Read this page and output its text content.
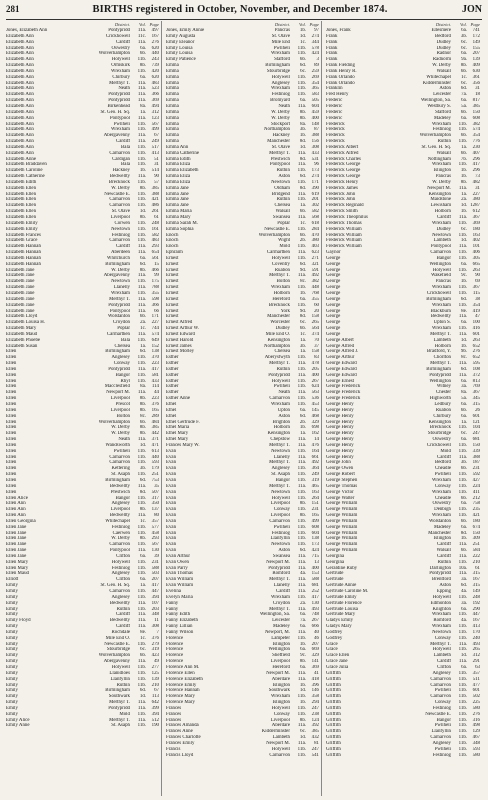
281	BIRTHS registered in October, November, and December 1874.	JON
District.	Vol. Page
Jones, Elizabeth Ann	Pontypridd	11a.	497
Elizabeth Ann	Crickhowell	11c.	167
Elizabeth Ann	Cardiff	11a.	276
Elizabeth Ann	Oswestry	6a.	620
Elizabeth Ann	Wolverhampton	6b.	440
Elizabeth Ann	Holywell	11b.	243
Elizabeth Ann	Ormskirk	8b.	739
Elizabeth Ann	Wrexham	11b.	420
Elizabeth Ann	Chirbury	6a.	620
Elizabeth Ann	Merthyr T.	11a.	483
Elizabeth Ann	Neath	11a.	523
Elizabeth Ann	Pontypridd	11a.	366
Elizabeth Ann	Pontypridd	11a.	369
Elizabeth Ann	Birkenhead	8a.	494
Elizabeth Ann	St. Geo. H. Sq.	1a.	312
Elizabeth Ann	Pontypool	11a.	123
Elizabeth Ann	Pwllheli	11b.	567
Elizabeth Ann	Wrexham	11b.	499
Elizabeth Ann	Abergavenny	11a.	67
Elizabeth Ann	Cardiff	11a.	249
Elizabeth Ann	Bala	11b.	517
Elizabeth Ann	Carnarvon	11b.	413
Elizabeth Anne	Cardigan	11b.	51
Elizabeth Braddaven	Bala	11b.	31
Elizabeth Caroline	Hackney	1b.	514
Elizabeth Catherine	Bedwellty	11a.	90
Elizabeth Edith	Brecknock	11b.	57
Elizabeth Ellen	W. Derby	8b.	385
Elizabeth Ellen	Newcastle E.	11b.	388
Elizabeth Ellen	Carnarvon	11b.	421
Elizabeth Ellen	Carnarvon	11b.	486
Elizabeth Ellen	St. Olave	1d.	261
Elizabeth Ellen	Liverpool	8b.	61
Elizabeth Emily	Corwen	11b.	248
Elizabeth Emily	Newtown	11b.	161
Elizabeth Frances	Festiniog	11b.	582
Elizabeth Grace	Carnarvon	11b.	483
Elizabeth Hannah	Cardiff	11a.	293
Elizabeth Hannah	Aberdeen	11a.	654
Elizabeth Hannah	Whitchurch	6a.	561
Elizabeth Hannah	Birmingham	6d.	15
Elizabeth Jane	W. Derby	8b.	466
Elizabeth Jane	Abergavenny	11a.	99
Elizabeth Jane	Newtown	11b.	175
Elizabeth Jane	Llanelly	11a.	788
Elizabeth Jane	Wrexham	11b.	355
Elizabeth Jane	Merthyr T.	11a.	598
Elizabeth Jane	Pontypridd	11a.	366
Elizabeth Jane	Pontypool	11a.	66
Elizabeth Lloyd	Wolstanton	6b.	171
Elizabeth Louisa H.	Croydon	2a.	227
Elizabeth Mary	Poplar	1c.	744
Elizabeth Maud	Carmarthen	11a.	574
Elizabeth Phoebe	Bala	11b.	649
Elizabeth Susan	Chelsea	1a.	152
Ellen	Birmingham	6d.	138
Ellen	Anglesey	11b.	370
Ellen	Conway	11b.	223
Ellen	Pontypridd	11a.	417
Ellen	Bangor	11b.	581
Ellen	Rhyl	11b.	433
Ellen	Macclesfield	8a.	114
Ellen	Newport M.	11a.	44
Ellen	Liverpool	8b.	223
Ellen	Prescot	8b.	376
Ellen	Liverpool	8b.	165
Ellen	Bolton	8c.	289
Ellen	Wolverhampton	6b.	484
Ellen	W. Derby	8b.	385
Ellen	W. Derby	8b.	442
Ellen	Neath	11a.	371
Ellen	Wandsworth	1d.	471
Ellen	Pwllheli	11b.	613
Ellen	Carnarvon	11b.	440
Ellen	Carnarvon	11b.	593
Ellen	Kettering	3b.	179
Ellen	St. Asaph	11b.	251
Ellen	Birmingham	6d.	753
Ellen	Bedwellty	11a.	35
Ellen	Prestwich	8d.	507
Ellen Alice	Bangor	11b.	317
Ellen Ann	Anglesey	11b.	350
Ellen Ann	Liverpool	8b.	137
Ellen Ann	Bedwellty	11a.	80
Ellen Georgina	Whitechapel	1c.	357
Ellen Jane	Festiniog	11b.	577
Ellen Jane	Caerwen	11b.	458
Ellen Jane	W. Derby	8b.	293
Ellen Jane	Carnarvon	11b.	567
Ellen Jane	Pontypool	11a.	130
Ellen Jane	Clifton	6a.	39
Ellen Mary	Holywell	11b.	231
Ellen Mary	Festiniog	11b.	588
Ellen Maud	Anglesey	11b.	503
Elliott	Clifton	6a.	207
Emily	St. Geo. H. Sq.	1a.	417
Emily	Carnarvon	11b.	447
Emily	Anglesey	11b.	394
Emily	Bedwellty	11a.	107
Emily	Ruthin	11b.	203
Emily	Cardiff	11a.	348
Emily Floyd	Bedwellty	11a.	11
Emily	Cardiff	11a.	308
Emily	Rochdale	8e.	7
Emily	Mile End O.	1c.	376
Emily	Newcastle E.	11b.	279
Emily	Stourbridge	6c.	319
Emily	Wolverhampton	6b.	423
Emily	Abergavenny	11a.	49
Emily	Holywell	11b.	277
Emily	Llanidloes	11b.	125
Emily	Llanfyllin	11b.	139
Emily	Ruthin	11b.	210
Emily	Birmingham	6d.	67
Emily	Southwark	1d.	113
Emily	Merthyr T.	11a.	642
Emily	Pontypridd	11a.	399
Emily	Mold	11b.	394
Emily Alice	Merthyr T.	11a.	512
Emily Anne	St. Asaph	11b.	190
District.	Vol. Page
Jones, Emily Annie	Pancras	1b.	97
Emily Augusta	St. Olave	1d.	274
Emily Eleanor	Mile End	1c.	344
Emily Louisa	Pwllheli	11b.	578
Emily Louisa	Wrexham	11b.	424
Emily Patience	Stafford	6b.	3
Emma	Birmingham	6d.	89
Emma	Stourbridge	6c.	259
Emma	Holywell	11b.	269
Emma	Anglesey	11b.	354
Emma	Wrexham	11b.	365
Emma	Festiniog	11b.	583
Emma	Bromyard	6a.	505
Emma	Neath	11a.	604
Emma	W. Derby	8b.	459
Emma	W. Derby	8b.	400
Emma	Stockport	8a.	148
Emma	Northampton	3b.	87
Emma	Hackney	1b.	388
Emma	Manchester	8d.	156
Emma Ann	St. Olave	1d.	308
Emma Catherine	Merthyr T.	11a.	433
Emma Edith	Prestwich	8d.	531
Emma Eliza	Pontypool	11a.	96
Emma Elizabeth	Ruthin	11b.	173
Emma Eliza	Aston	6d.	274
Emma Eliza	Newtown	11b.	171
Emma Jane	Oldham	8d.	390
Emma Jane	Bridgend	11a.	619
Emma Jane	Ruthin	11b.	201
Emma Jane	Chelsea	1a.	302
Emma Maria	Walsall	6b.	582
Emma Mary	Swansea	11a.	568
Emma Sarah M.	Poplar	1c.	618
Emma Sophia	Newcastle E.	11b.	284
Enoch	Wolverhampton	6b.	470
Enoch	Wight	2b.	380
Enoch	Mold	11b.	403
Ephraim	Carmarthen	11a.	623
Ernest	Holywell	11b.	271
Ernest	Coventry	6d.	321
Ernest	Ruabon	9d.	591
Ernest	Merthyr T.	11a.	492
Ernest	Bolton	8c.	382
Ernest	Wrexham	11b.	448
Ernest	Holborn	1b.	768
Ernest	Hereford	6a.	355
Ernest	Brecknock	11b.	60
Ernest	York	9d.	20
Ernest	Manchester	8d.	158
Ernest Alfred	Worcester	6c.	265
Ernest Arthur W.	Dudley	6b.	564
Ernest Edward	Mile End O.	1c.	374
Ernest Harold	Kensington	1a.	70
Ernest James	Northampton	3b.	37
Ernest Morley	Chelsea	1a.	158
Esther	Aberystwyth	11b.	83
Esther	Merthyr T.	11a.	478
Esther	Ruthin	11b.	205
Esther	Pontypridd	11a.	400
Esther	Holywell	11b.	267
Esther	Pwllheli	11b.	624
Esther	Neath	11a.	563
Esther Anne	Carnarvon	11b.	536
Ethel	Wrexham	11b.	453
Ethel	Upton	6a.	145
Ethel	Aston	6d.	468
Ethel Gertrude F.	Brighton	2b.	329
Ethel Maria	Holborn	1b.	698
Ethel Mary	Kensington	1a.	162
Ethel Mary	Chepstow	11a.	14
Frances Mary W.	Merthyr T.	11a.	476
Evan	Newtown	11b.	164
Evan	Llanelly	11a.	661
Evan	Merthyr T.	11a.	492
Evan	Anglesey	11b.	364
Evan	St. Asaph	11b.	249
Evan	Bangor	11b.	319
Evan	Merthyr T.	11a.	465
Evan	Newtown	11b.	163
Evan	Holywell	11b.	264
Evan	Liverpool	8b.	151
Evan	Conway	11b.	231
Evan	Liverpool	8b.	165
Evan	Carnarvon	11b.	499
Evan	Pwllheli	11b.	608
Evan	Festiniog	11b.	604
Evan	Llanfyllin	11b.	138
Evan	Newtown	11b.	173
Evan	Aston	6d.	424
Evan Arthur	Swansea	11a.	715
Evan Owen	Newport M.	11a.	13
Evan Parry	Pontypridd	11a.	400
Evan Thomas	Romford	4a.	153
Evan William	Merthyr T.	11a.	588
Evan William	Llanelly	11a.	681
Evelina	Cardiff	11a.	252
Evelyn Maria	Wrexham	11b.	417
Fanny	Croydon	2a.	130
Fanny	Merthyr T.	11a.	493
Fanny Edith	Wellington, Sa.	6a.	748
Fanny Elizabeth	Leicester	7a.	267
Fanny Lillian	Madeley	6a.	666
Fanny Wilson	Newport, M.	11a.	40
Florence	Lampeter	11b.	46
Florence	Islington	1b.	207
Florence	Wellington	6a.	669
Florence	Sheffield	9c.	329
Florence	Liverpool	8b.	141
Florence Ann M.	Hereford	6a.	369
Florence Ellen	Newport M.	11a.	41
Florence Elizabeth	Aberdare	11a.	418
Florence Emily	Islington	1b.	396
Florence Hannah	Southwark	1d.	146
Florence Mary	Wrexham	11b.	358
Florence Mary	Islington	1b.	294
Frances	Holywell	11b.	247
Frances	Conway	11b.	238
Frances	Liverpool	8b.	124
Frances Amanda	Aberdare	11a.	392
Frances Anne	Kidderminster	6c.	385
Frances Charlotte	Lambeth	1d.	432
Frances Emily	Newport M.	11a.	81
Francis	Holywell	11b.	247
Francis Lloyd	Carnarvon	11b.	541
District.	Vol. Page
Jones, Frank	Ellesmere	6a.	741
Frank	Bedford	3b.	172
Frank	Dudley	6c.	149
Frank	Dudley	6c.	155
Frank	Radnor	6a.	207
Frank	Radnorm	9a.	139
Frank Fielding	W. Derby	8b.	409
Frank Henry R.	Walsall	6b.	630
Frank Orlando	Whitechapel	1c.	361
Frank Orlando	Kidderminster	6c.	356
Franklin	Aston	6d.	31
Fred Henry	Leicester	7a.	18
Frederic	Wellington, Sa.	6a.	817
Frederic	Westbury S.	5a.	385
Frederic	Stafford	6b.	150
Frederic	Madeley	6a.	608
Frederick	Wrexham	11b.	382
Frederick	Festiniog	11b.	574
Frederick	Wolverhampton	6b.	354
Frederick	Ruthin	11b.	776
Frederick Albert	St. Geo. H. Sq.	1a.	230
Frederick Alfred	Walsall	6b.	407
Frederick Charles	Nottingham	7b.	296
Frederick George	Wrexham	11b.	417
Frederick George	Islington	1b.	296
Frederick George	Pancras	1b.	73
Frederick Henry	W. Derby	8b.	482
Frederick James	Newport M.	11a.	31
Frederick John	Kensington	1a.	227
Frederick John	Maidstone	2a.	380
Frederick Reginald	Lewisham	1d. 1287
Frederick Smith	Holborn	1b.	612
Frederick Theophilus	Cardiff	11a.	367
Frederick Thomas	Wrexham	11b.	369
Frederick William	Dudley	6c.	180
Frederick William	Newtown	11b.	163
Frederick William	Lambeth	1d.	402
Frederick William	Pontypool	11a.	101
Gaynor	Carnarvon	11b.	406
George	Bangor	11b.	305
George	Wellington	6a.	665
George	Holywell	11b.	263
George	Wakefield	9c.	90
George	Pancras	1b.	69
George	Wrexham	11b.	367
George	Crickhowell	11b.	115
George	Birmingham	6d.	38
George	Wrexham	11b.	354
George	Blackburn	8e.	419
George	Bedwellty	11a.	47
George	Upton S.	6a.	100
George	Wrexham	11b.	416
George	Merthyr T.	11a.	601
George Albert	Lambeth	1d.	263
George Alfred	Holborn	1b.	652
George Alfred J.	Bradford, Y.	9b.	276
George Arthur	Chorlton	8c.	652
George Edward	Merthyr T.	11a.	595
George Edward	Birmingham	6d.	108
George Edward	Pontypridd	11a.	372
George Ernest	Wellington	6a.	813
George Frederick	Witney	3a.	769
George Frederick	Chester	8a.	367
George Frederick	Highworth	5a.	345
George Henry	Ledbury	6a.	315
George Henry	Ruabon	6b.	26
George Henry	Chirbury	6a.	601
George Henry	Kensington	1a.	121
George Henry	Brecknock	11b.	104
George Henry	Stourbridge	6c.	247
George Henry	Oswestry	6a.	681
George Henry	Crickhowell	11b.	150
George Henry	Mold	11b.	339
George Henry	Cardiff	11a.	388
George John	Bedford	3b.	187
George Owen	Cheadle	6b.	231
George Robert	Pwllheli	11b.	592
George Stephen	Wrexham	11b.	427
George Thomas	Conway	11b.	224
George Victor	Wrexham	11b.	411
George Walter	Cheadle	6b.	212
George William	Oswestry	6a.	758
George William	Denbigh	11b.	235
George William	Wrexham	11b.	421
George William	Wolstanton	6b.	180
George William	Madeley	6a.	674
George William	Manchester	8d.	150
George William	Islington	1b.	309
George William	Cardiff	11a.	251
George William	Walsall	6b.	584
Georgina	Cardiff	11a.	222
Georgina	Ruthin	11b.	210
Geraldine Ruby	Darlington	10a.	61
Gertrude	Pontypridd	11a.	315
Gertrude	Brentford	3a.	167
Gertrude Annie	Aston	6d.	315
Gertrude Caroline M.	Epping	4a.	149
Gertrude Emily	Holywell	11b.	248
Gertrude Florence	Edmonton	3a.	192
Gertrude Louisa	Knighton	6a.	290
Gertrude Mary	Wrexham	11b.	447
Gladys Emily	Romford	4a.	167
Gladys Mary	Wrexham	11b.	413
Godfrey	Newtown	11b.	170
Godfrey	Conway	11b.	240
Grace	Merthyr T.	11a.	493
Grace	Holywell	11b.	265
Grace Ellen	Lambeth	1d.	312
Grace Jane	Cardiff	11a.	291
Grace Julia	Clifton	6a.	63
Griffith	Anglesey	11b.	357
Griffith	Carnarvon	11b.	511
Griffith	Carnarvon	11b.	477
Griffith	Pwllheli	11b.	601
Griffith	Carnarvon	11b.	502
Griffith	Conway	11b.	225
Griffith	Festiniog	11b.	580
Griffith	Newcastle E.	11b.	276
Griffith	Bangor	11b.	316
Griffith	Pwllheli	11b.	498
Griffith	Llanfyllin	11b.	129
Griffith	Carnarvon	11b.	467
Griffith	Anglesey	11b.	348
Griffith	Pwllheli	11b.	593
Griffith	Festiniog	11b.	580
